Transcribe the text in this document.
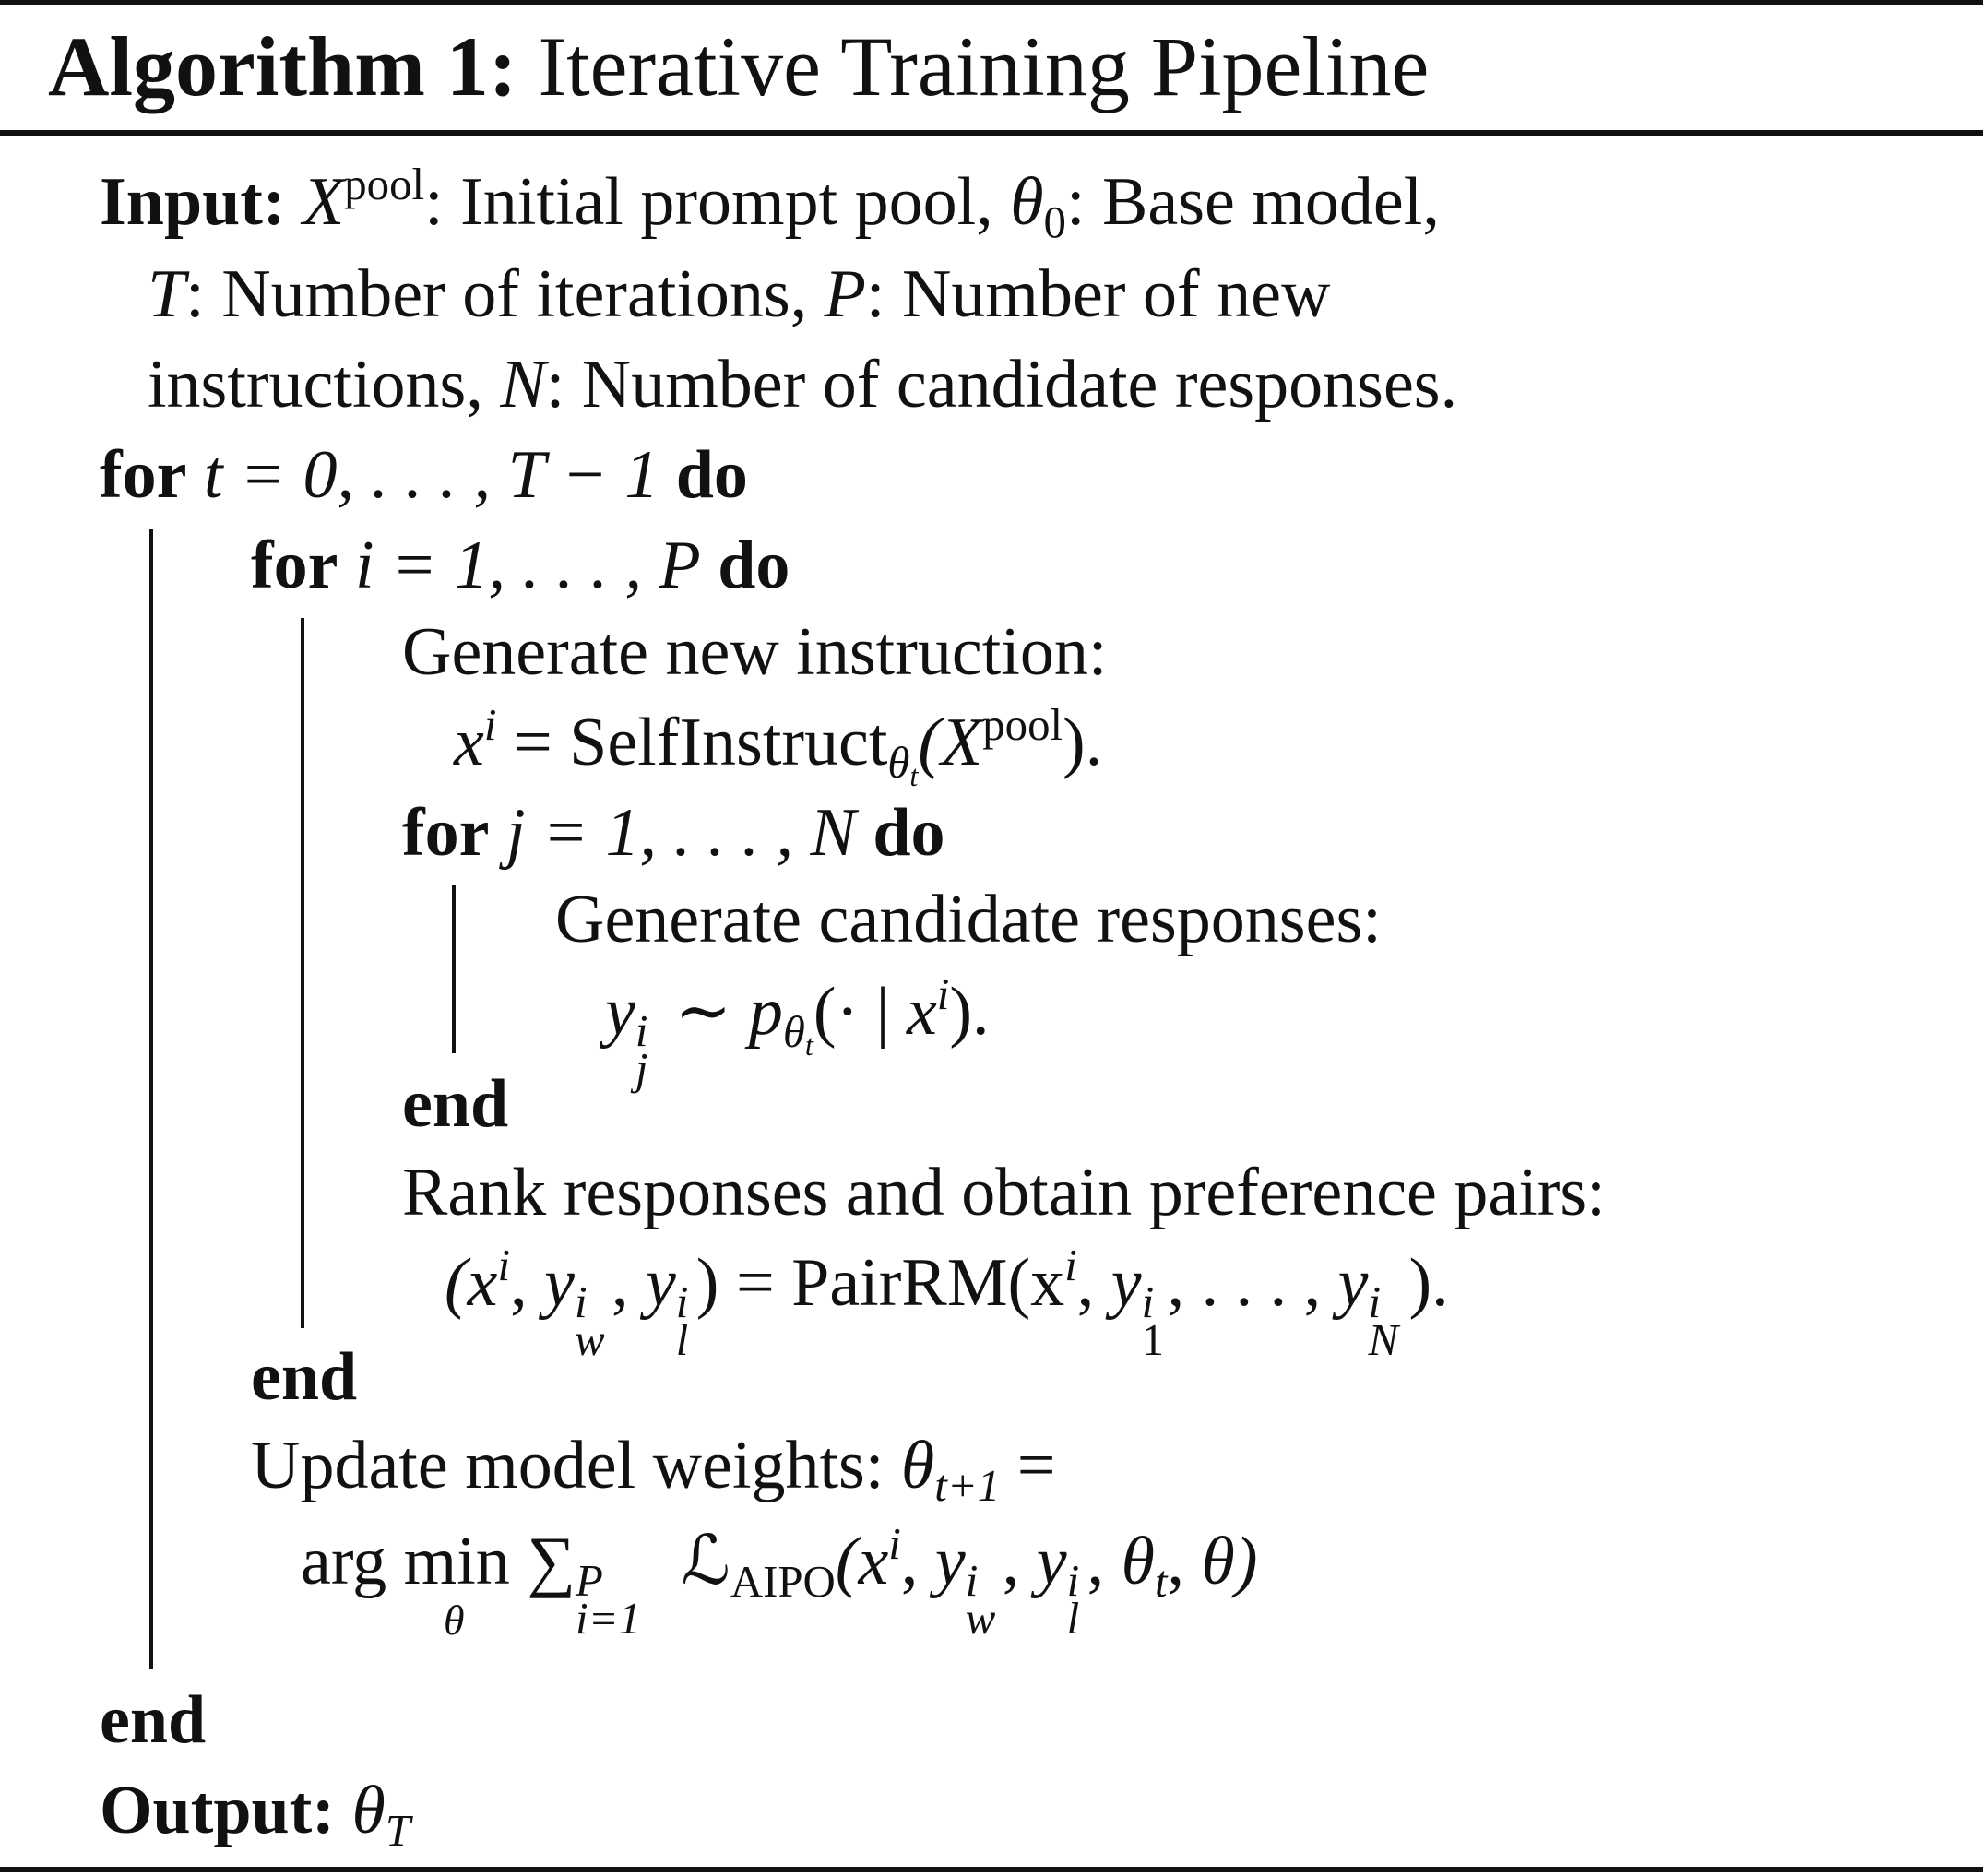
Algorithm 1: Iterative Training Pipeline
Input: $X^{pool}$: Initial prompt pool, $\theta_0$: Base model,
T: Number of iterations, P: Number of new
instructions, N: Number of candidate responses.
for t = 0, . . . , T − 1 do
for i = 1, . . . , P do
Generate new instruction:
$x^i$ = $SelfInstruct_{\theta_t}(X^{pool})$.
for j = 1, . . . , N do
Generate candidate responses:
y i
j
∼ $p_{\theta_t}(\cdot$ | $x^i$).
end
Rank responses and obtain preference pairs:
($x^i$, y i
w
, y i
l
) = $PairRM(x^i$, y i
1
, . . . , y i
N
).
end
Update model weights: $\theta_{t+1}$ =
arg min
θ
∑ P
i=1
$ℒ_{AIPO}(x^i$, y i
w
, y i
l
, $\theta_t$, θ)
end
Output: $\theta_T$
